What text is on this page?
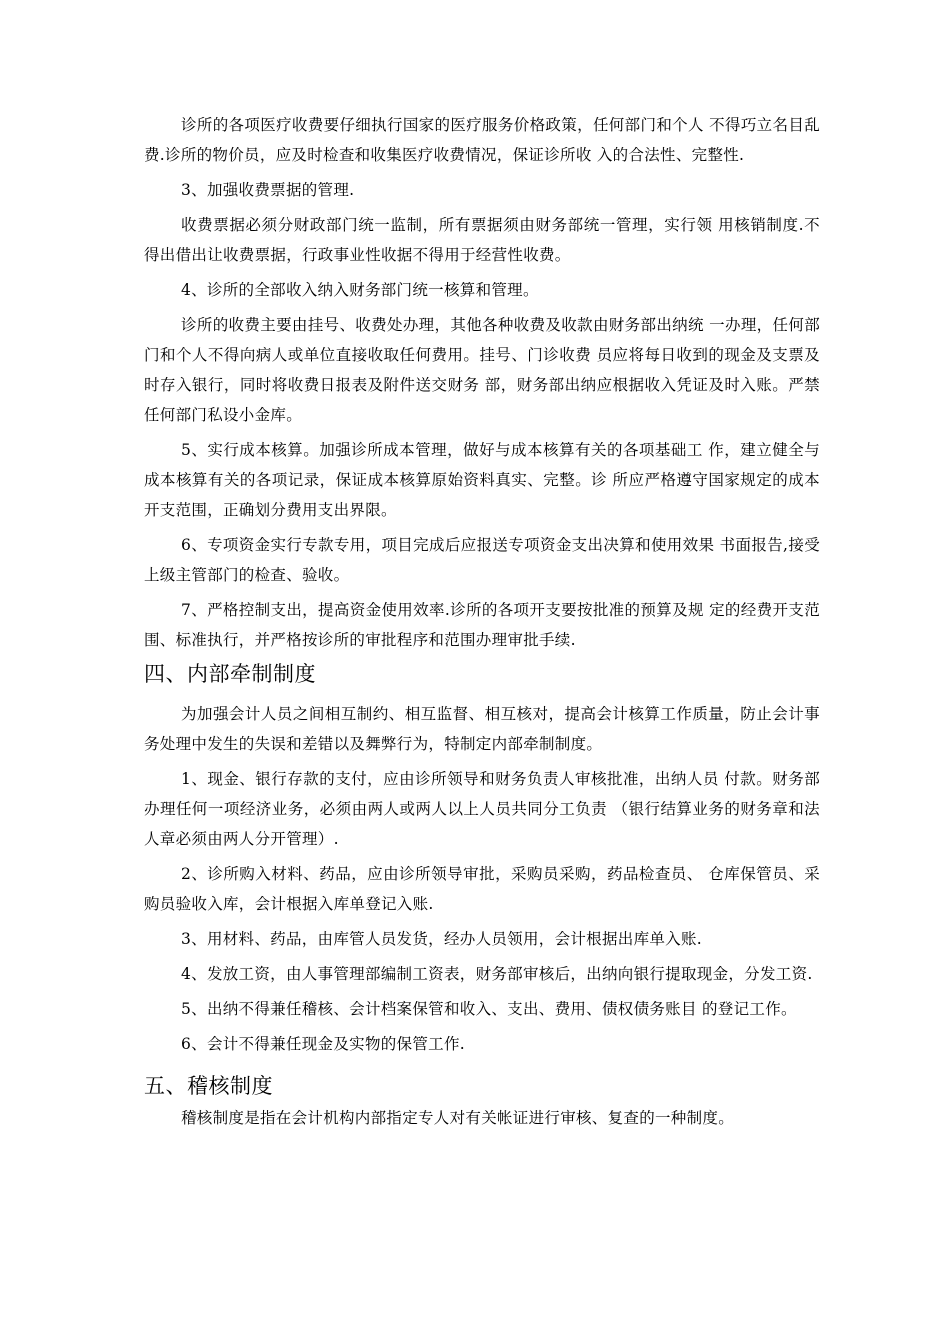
诊所的各项医疗收费要仔细执行国家的医疗服务价格政策，任何部门和个人 不得巧立名目乱费.诊所的物价员，应及时检查和收集医疗收费情况，保证诊所收 入的合法性、完整性.

3、加强收费票据的管理.

收费票据必须分财政部门统一监制，所有票据须由财务部统一管理，实行领 用核销制度.不得出借出让收费票据，行政事业性收据不得用于经营性收费。

4、诊所的全部收入纳入财务部门统一核算和管理。

诊所的收费主要由挂号、收费处办理，其他各种收费及收款由财务部出纳统 一办理，任何部门和个人不得向病人或单位直接收取任何费用。挂号、门诊收费 员应将每日收到的现金及支票及时存入银行，同时将收费日报表及附件送交财务 部，财务部出纳应根据收入凭证及时入账。严禁任何部门私设小金库。

5、实行成本核算。加强诊所成本管理，做好与成本核算有关的各项基础工 作，建立健全与成本核算有关的各项记录，保证成本核算原始资料真实、完整。诊 所应严格遵守国家规定的成本开支范围，正确划分费用支出界限。

6、专项资金实行专款专用，项目完成后应报送专项资金支出决算和使用效果 书面报告,接受上级主管部门的检查、验收。

7、严格控制支出，提高资金使用效率.诊所的各项开支要按批准的预算及规 定的经费开支范围、标准执行，并严格按诊所的审批程序和范围办理审批手续.

四、内部牵制制度

为加强会计人员之间相互制约、相互监督、相互核对，提高会计核算工作质量，防止会计事务处理中发生的失误和差错以及舞弊行为，特制定内部牵制制度。

1、现金、银行存款的支付，应由诊所领导和财务负责人审核批准，出纳人员 付款。财务部办理任何一项经济业务，必须由两人或两人以上人员共同分工负责 （银行结算业务的财务章和法人章必须由两人分开管理）.

2、诊所购入材料、药品，应由诊所领导审批，采购员采购，药品检查员、 仓库保管员、采购员验收入库，会计根据入库单登记入账.

3、用材料、药品，由库管人员发货，经办人员领用，会计根据出库单入账.

4、发放工资，由人事管理部编制工资表，财务部审核后，出纳向银行提取现金，分发工资.

5、出纳不得兼任稽核、会计档案保管和收入、支出、费用、债权债务账目 的登记工作。

6、会计不得兼任现金及实物的保管工作.

五、稽核制度

稽核制度是指在会计机构内部指定专人对有关帐证进行审核、复查的一种制度。
